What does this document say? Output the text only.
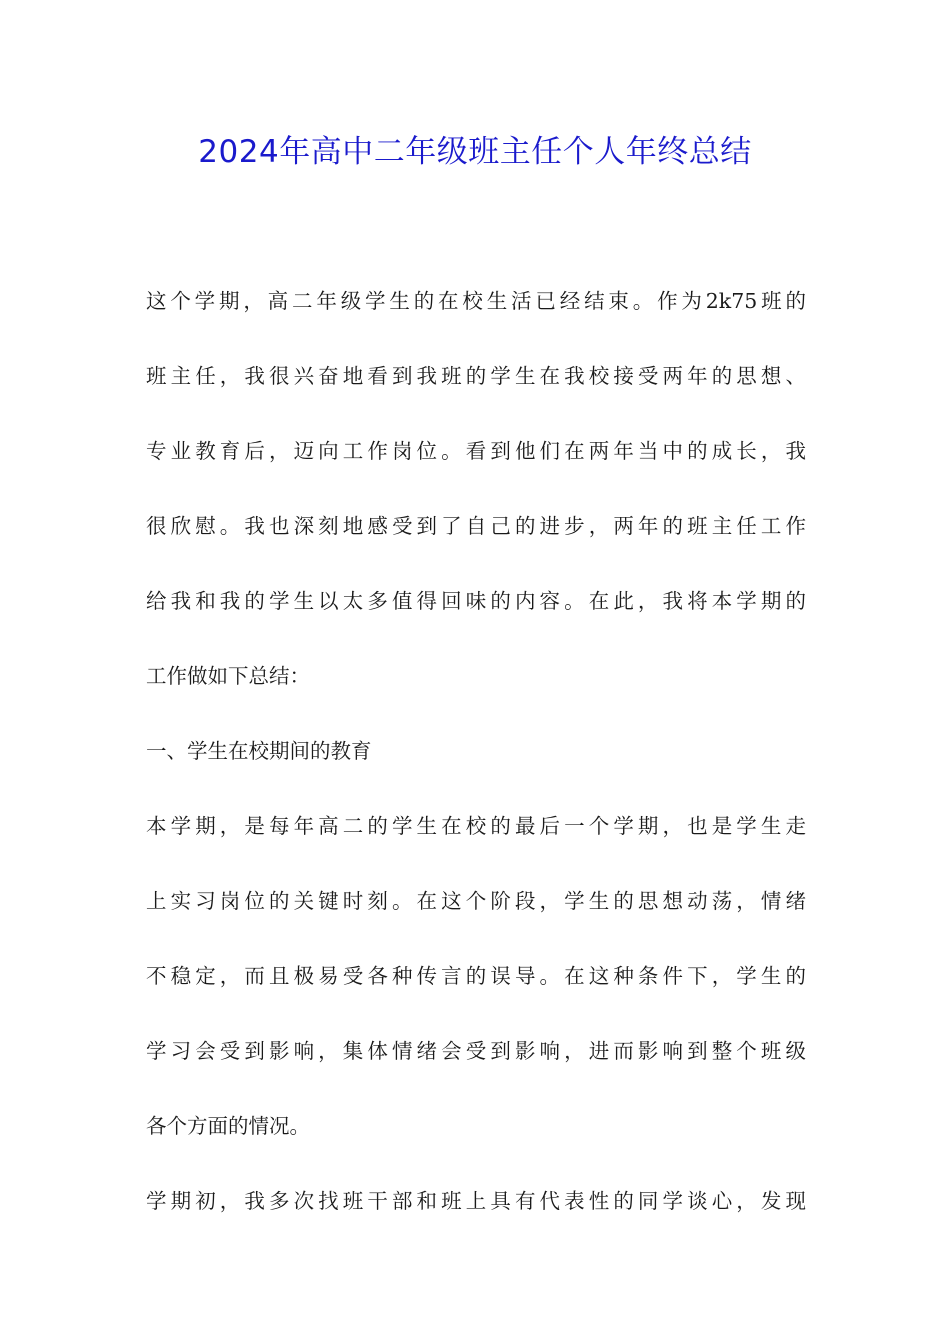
2024年高中二年级班主任个人年终总结
这个学期，高二年级学生的在校生活已经结束。作为2k75班的
班主任，我很兴奋地看到我班的学生在我校接受两年的思想、
专业教育后，迈向工作岗位。看到他们在两年当中的成长，我
很欣慰。我也深刻地感受到了自己的进步，两年的班主任工作
给我和我的学生以太多值得回味的内容。在此，我将本学期的
工作做如下总结：
一、学生在校期间的教育
本学期，是每年高二的学生在校的最后一个学期，也是学生走
上实习岗位的关键时刻。在这个阶段，学生的思想动荡，情绪
不稳定，而且极易受各种传言的误导。在这种条件下，学生的
学习会受到影响，集体情绪会受到影响，进而影响到整个班级
各个方面的情况。
学期初，我多次找班干部和班上具有代表性的同学谈心，发现
